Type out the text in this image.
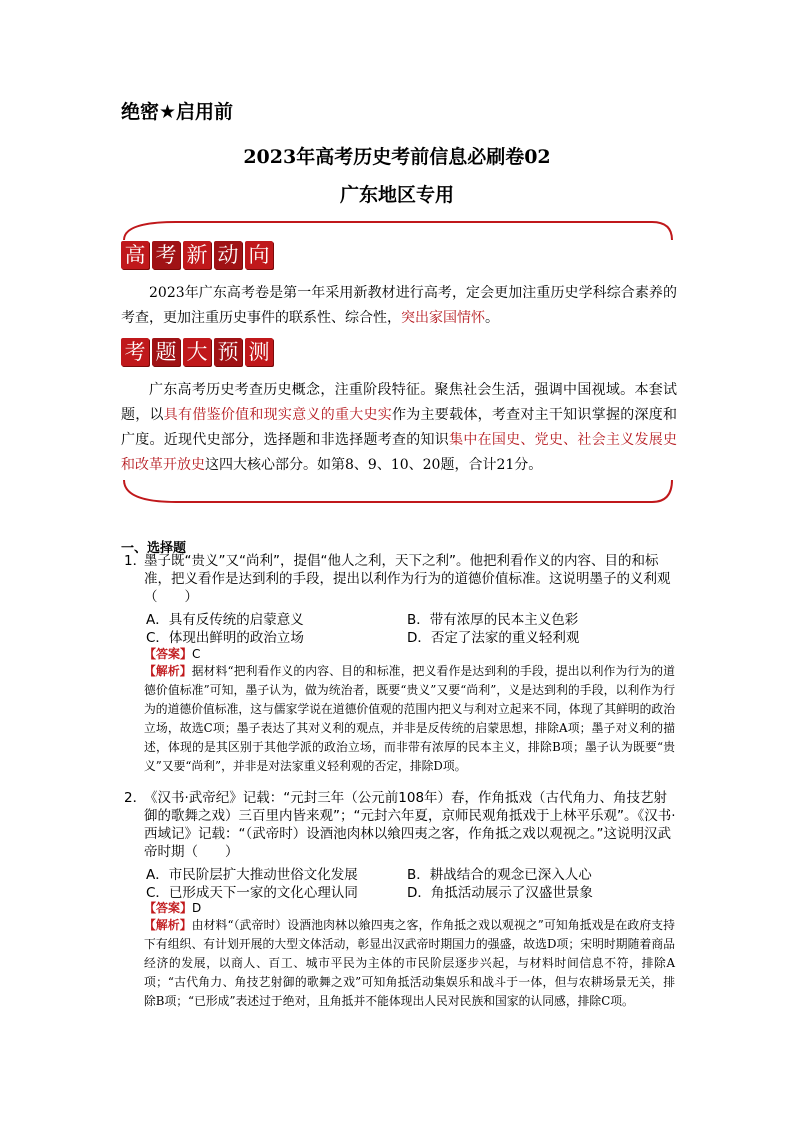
绝密★启用前
2023年高考历史考前信息必刷卷02
广东地区专用
高 考 新 动 向
2023年广东高考卷是第一年采用新教材进行高考，定会更加注重历史学科综合素养的考查，更加注重历史事件的联系性、综合性，突出家国情怀。
考 题 大 预 测
广东高考历史考查历史概念，注重阶段特征。聚焦社会生活，强调中国视域。本套试题，以具有借鉴价值和现实意义的重大史实作为主要载体，考查对主干知识掌握的深度和广度。近现代史部分，选择题和非选择题考查的知识集中在国史、党史、社会主义发展史和改革开放史这四大核心部分。如第8、9、10、20题，合计21分。
一、选择题
1．
墨子既“贵义”又“尚利”，提倡“他人之利，天下之利”。他把利看作义的内容、目的和标准，把义看作是达到利的手段，提出以利作为行为的道德价值标准。这说明墨子的义利观（　　）
A．具有反传统的启蒙意义	B．带有浓厚的民本主义色彩
C．体现出鲜明的政治立场	D．否定了法家的重义轻利观
【答案】C
【解析】据材料“把利看作义的内容、目的和标准，把义看作是达到利的手段，提出以利作为行为的道德价值标准”可知，墨子认为，做为统治者，既要“贵义”又要“尚利”，义是达到利的手段，以利作为行为的道德价值标准，这与儒家学说在道德价值观的范围内把义与利对立起来不同，体现了其鲜明的政治立场，故选C项；墨子表达了其对义利的观点，并非是反传统的启蒙思想，排除A项；墨子对义利的描述，体现的是其区别于其他学派的政治立场，而非带有浓厚的民本主义，排除B项；墨子认为既要“贵义”又要“尚利”，并非是对法家重义轻利观的否定，排除D项。
2．
《汉书·武帝纪》记载：“元封三年（公元前108年）春，作角抵戏（古代角力、角技艺射御的歌舞之戏）三百里内皆来观”；“元封六年夏，京师民观角抵戏于上林平乐观”。《汉书·西域记》记载：“（武帝时）设酒池肉林以飨四夷之客，作角抵之戏以观视之。”这说明汉武帝时期（　　）
A．市民阶层扩大推动世俗文化发展	B．耕战结合的观念已深入人心
C．已形成天下一家的文化心理认同	D．角抵活动展示了汉盛世景象
【答案】D
【解析】由材料“（武帝时）设酒池肉林以飨四夷之客，作角抵之戏以观视之”可知角抵戏是在政府支持下有组织、有计划开展的大型文体活动，彰显出汉武帝时期国力的强盛，故选D项；宋明时期随着商品经济的发展，以商人、百工、城市平民为主体的市民阶层逐步兴起，与材料时间信息不符，排除A项；“古代角力、角技艺射御的歌舞之戏”可知角抵活动集娱乐和战斗于一体，但与农耕场景无关，排除B项；“已形成”表述过于绝对，且角抵并不能体现出人民对民族和国家的认同感，排除C项。
